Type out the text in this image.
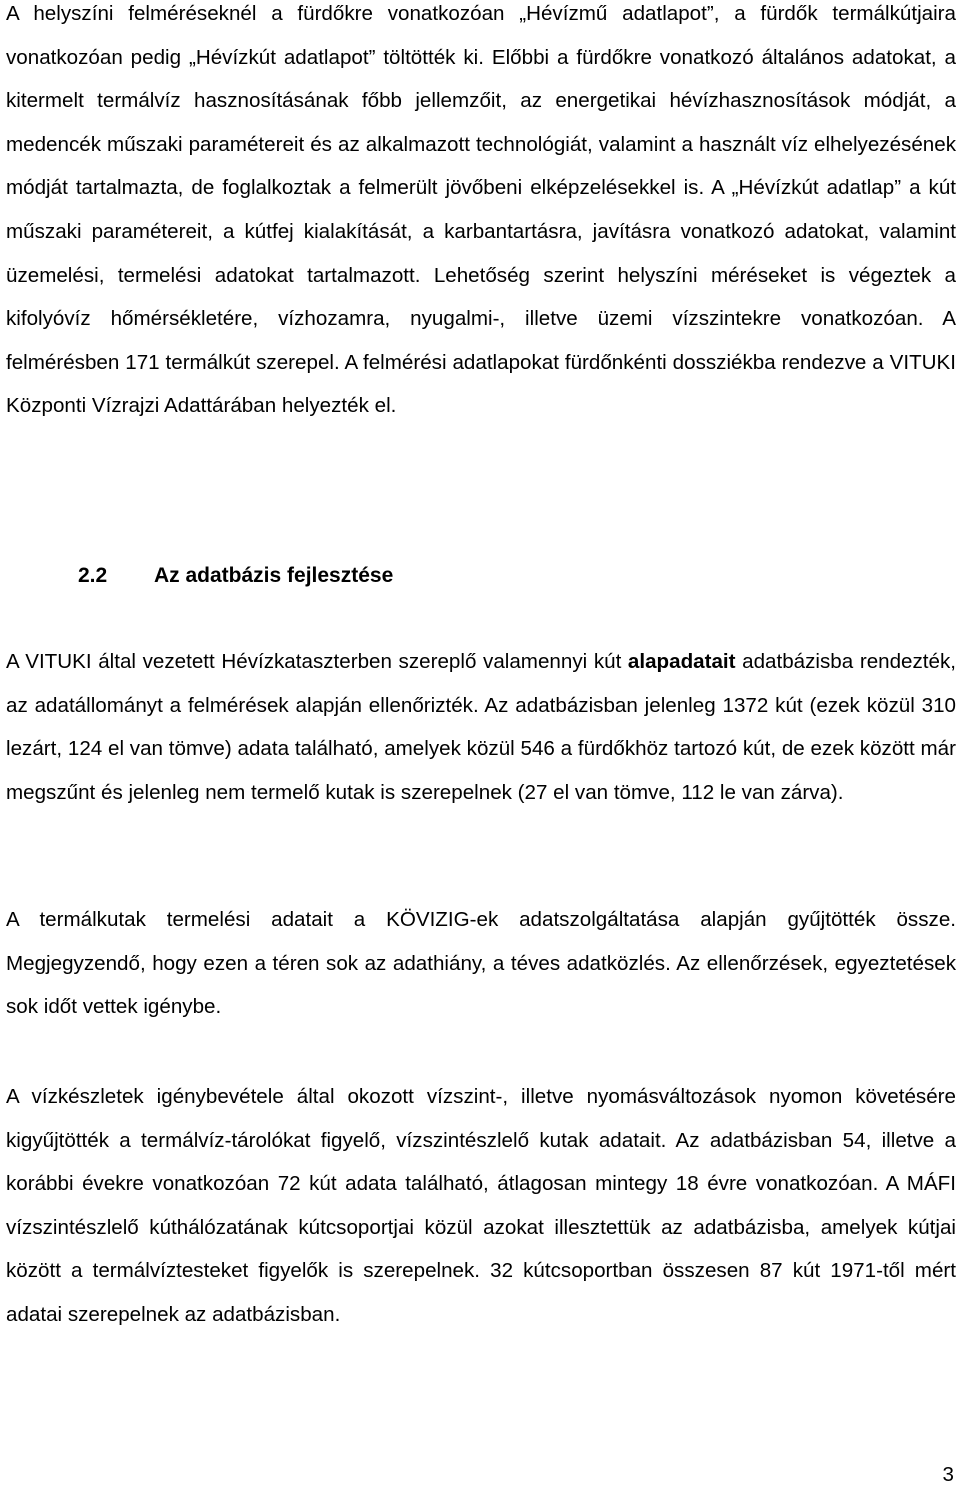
A helyszíni felméréseknél a fürdőkre vonatkozóan „Hévízmű adatlapot”, a fürdők termálkútjaira vonatkozóan pedig „Hévízkút adatlapot” töltötték ki. Előbbi a fürdőkre vonatkozó általános adatokat, a kitermelt termálvíz hasznosításának főbb jellemzőit, az energetikai hévízhasznosítások módját, a medencék műszaki paramétereit és az alkalmazott technológiát, valamint a használt víz elhelyezésének módját tartalmazta, de foglalkoztak a felmerült jövőbeni elképzelésekkel is. A „Hévízkút adatlap” a kút műszaki paramétereit, a kútfej kialakítását, a karbantartásra, javításra vonatkozó adatokat, valamint üzemelési, termelési adatokat tartalmazott. Lehetőség szerint helyszíni méréseket is végeztek a kifolyóvíz hőmérsékletére, vízhozamra, nyugalmi-, illetve üzemi vízszintekre vonatkozóan. A felmérésben 171 termálkút szerepel. A felmérési adatlapokat fürdőnkénti dossziékba rendezve a VITUKI Központi Vízrajzi Adattárában helyezték el.

2.2 Az adatbázis fejlesztése

A VITUKI által vezetett Hévízkataszterben szereplő valamennyi kút alapadatait adatbázisba rendezték, az adatállományt a felmérések alapján ellenőrizték. Az adatbázisban jelenleg 1372 kút (ezek közül 310 lezárt, 124 el van tömve) adata található, amelyek közül 546 a fürdőkhöz tartozó kút, de ezek között már megszűnt és jelenleg nem termelő kutak is szerepelnek (27 el van tömve, 112 le van zárva).

A termálkutak termelési adatait a KÖVIZIG-ek adatszolgáltatása alapján gyűjtötték össze. Megjegyzendő, hogy ezen a téren sok az adathiány, a téves adatközlés. Az ellenőrzések, egyeztetések sok időt vettek igénybe.

A vízkészletek igénybevétele által okozott vízszint-, illetve nyomásváltozások nyomon követésére kigyűjtötték a termálvíz-tárolókat figyelő, vízszintészlelő kutak adatait. Az adatbázisban 54, illetve a korábbi évekre vonatkozóan 72 kút adata található, átlagosan mintegy 18 évre vonatkozóan. A MÁFI vízszintészlelő kúthálózatának kútcsoportjai közül azokat illesztettük az adatbázisba, amelyek kútjai között a termálvíztesteket figyelők is szerepelnek. 32 kútcsoportban összesen 87 kút 1971-től mért adatai szerepelnek az adatbázisban.

3
